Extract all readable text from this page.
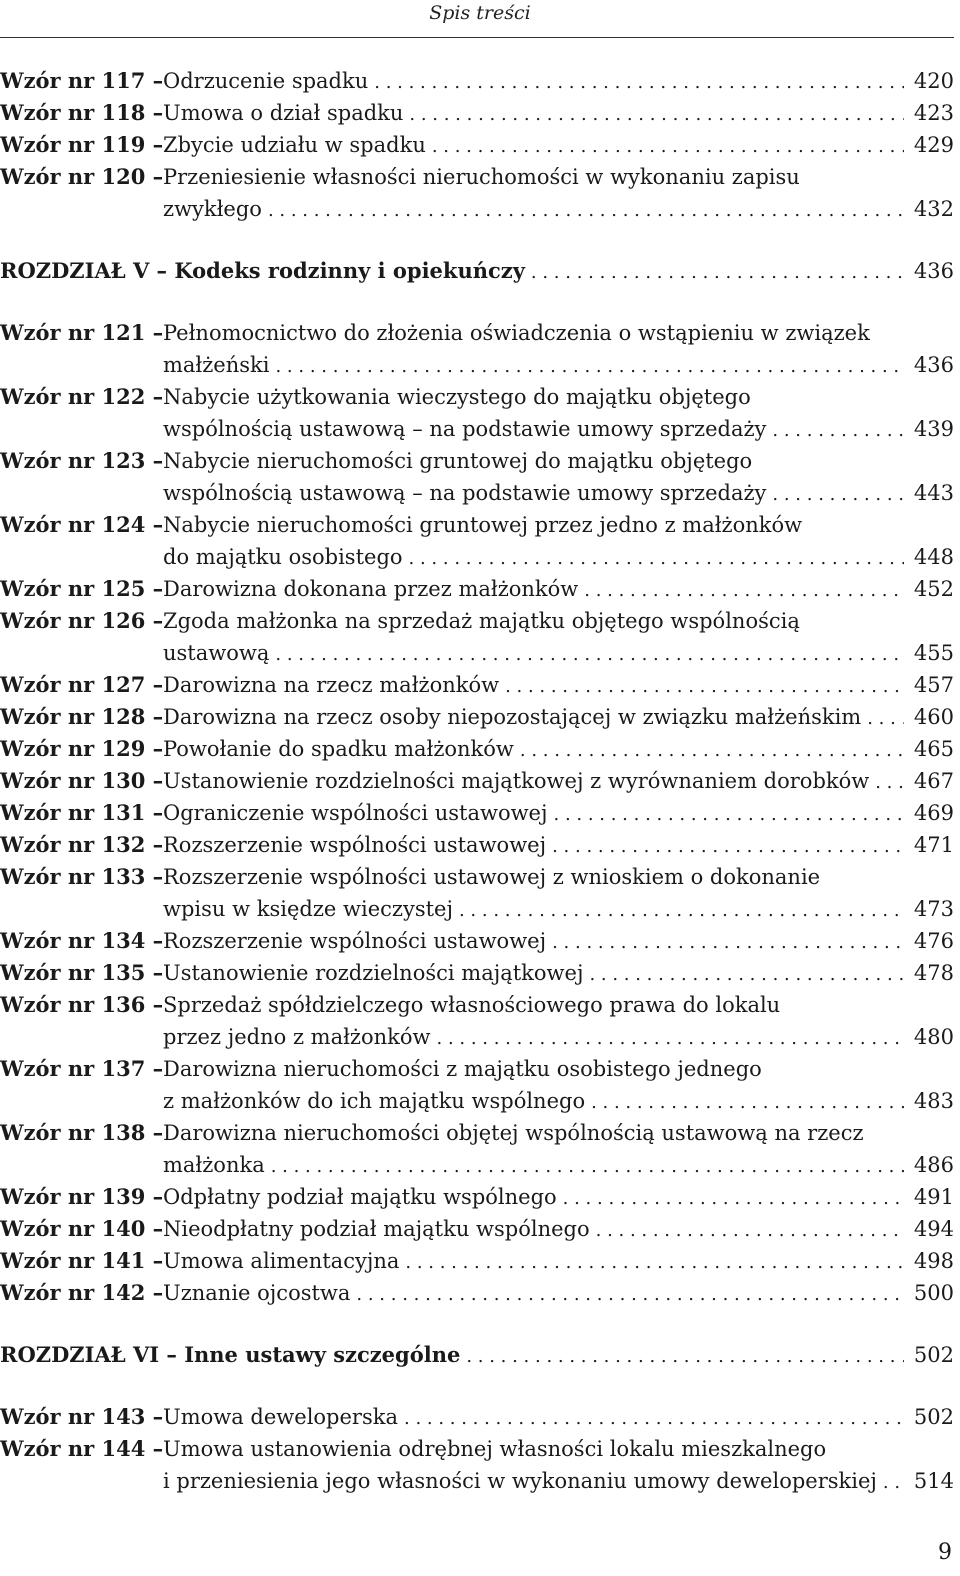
Spis treści
Wzór nr 117 – Odrzucenie spadku . . .	420
Wzór nr 118 – Umowa o dział spadku . . .	423
Wzór nr 119 – Zbycie udziału w spadku . . .	429
Wzór nr 120 – Przeniesienie własności nieruchomości w wykonaniu zapisu
zwykłego . . .	432
ROZDZIAŁ V – Kodeks rodzinny i opiekuńczy . . .	436
Wzór nr 121 – Pełnomocnictwo do złożenia oświadczenia o wstąpieniu w związek
małżeński . . .	436
Wzór nr 122 – Nabycie użytkowania wieczystego do majątku objętego
wspólnością ustawową – na podstawie umowy sprzedaży . . .	439
Wzór nr 123 – Nabycie nieruchomości gruntowej do majątku objętego
wspólnością ustawową – na podstawie umowy sprzedaży . . .	443
Wzór nr 124 – Nabycie nieruchomości gruntowej przez jedno z małżonków
do majątku osobistego . . .	448
Wzór nr 125 – Darowizna dokonana przez małżonków . . .	452
Wzór nr 126 – Zgoda małżonka na sprzedaż majątku objętego wspólnością
ustawową . . .	455
Wzór nr 127 – Darowizna na rzecz małżonków . . .	457
Wzór nr 128 – Darowizna na rzecz osoby niepozostającej w związku małżeńskim . . .	460
Wzór nr 129 – Powołanie do spadku małżonków . . .	465
Wzór nr 130 – Ustanowienie rozdzielności majątkowej z wyrównaniem dorobków . . . 467
Wzór nr 131 – Ograniczenie wspólności ustawowej . . .	469
Wzór nr 132 – Rozszerzenie wspólności ustawowej . . .	471
Wzór nr 133 – Rozszerzenie wspólności ustawowej z wnioskiem o dokonanie
wpisu w księdze wieczystej . . .	473
Wzór nr 134 – Rozszerzenie wspólności ustawowej . . .	476
Wzór nr 135 – Ustanowienie rozdzielności majątkowej . . .	478
Wzór nr 136 – Sprzedaż spółdzielczego własnościowego prawa do lokalu
przez jedno z małżonków . . .	480
Wzór nr 137 – Darowizna nieruchomości z majątku osobistego jednego
z małżonków do ich majątku wspólnego . . .	483
Wzór nr 138 – Darowizna nieruchomości objętej wspólnością ustawową na rzecz
małżonka . . .	486
Wzór nr 139 – Odpłatny podział majątku wspólnego . . .	491
Wzór nr 140 – Nieodpłatny podział majątku wspólnego . . .	494
Wzór nr 141 – Umowa alimentacyjna . . .	498
Wzór nr 142 – Uznanie ojcostwa . . .	500
ROZDZIAŁ VI – Inne ustawy szczególne . . .	502
Wzór nr 143 – Umowa deweloperska . . .	502
Wzór nr 144 – Umowa ustanowienia odrębnej własności lokalu mieszkalnego
i przeniesienia jego własności w wykonaniu umowy deweloperskiej . . . 514
9
